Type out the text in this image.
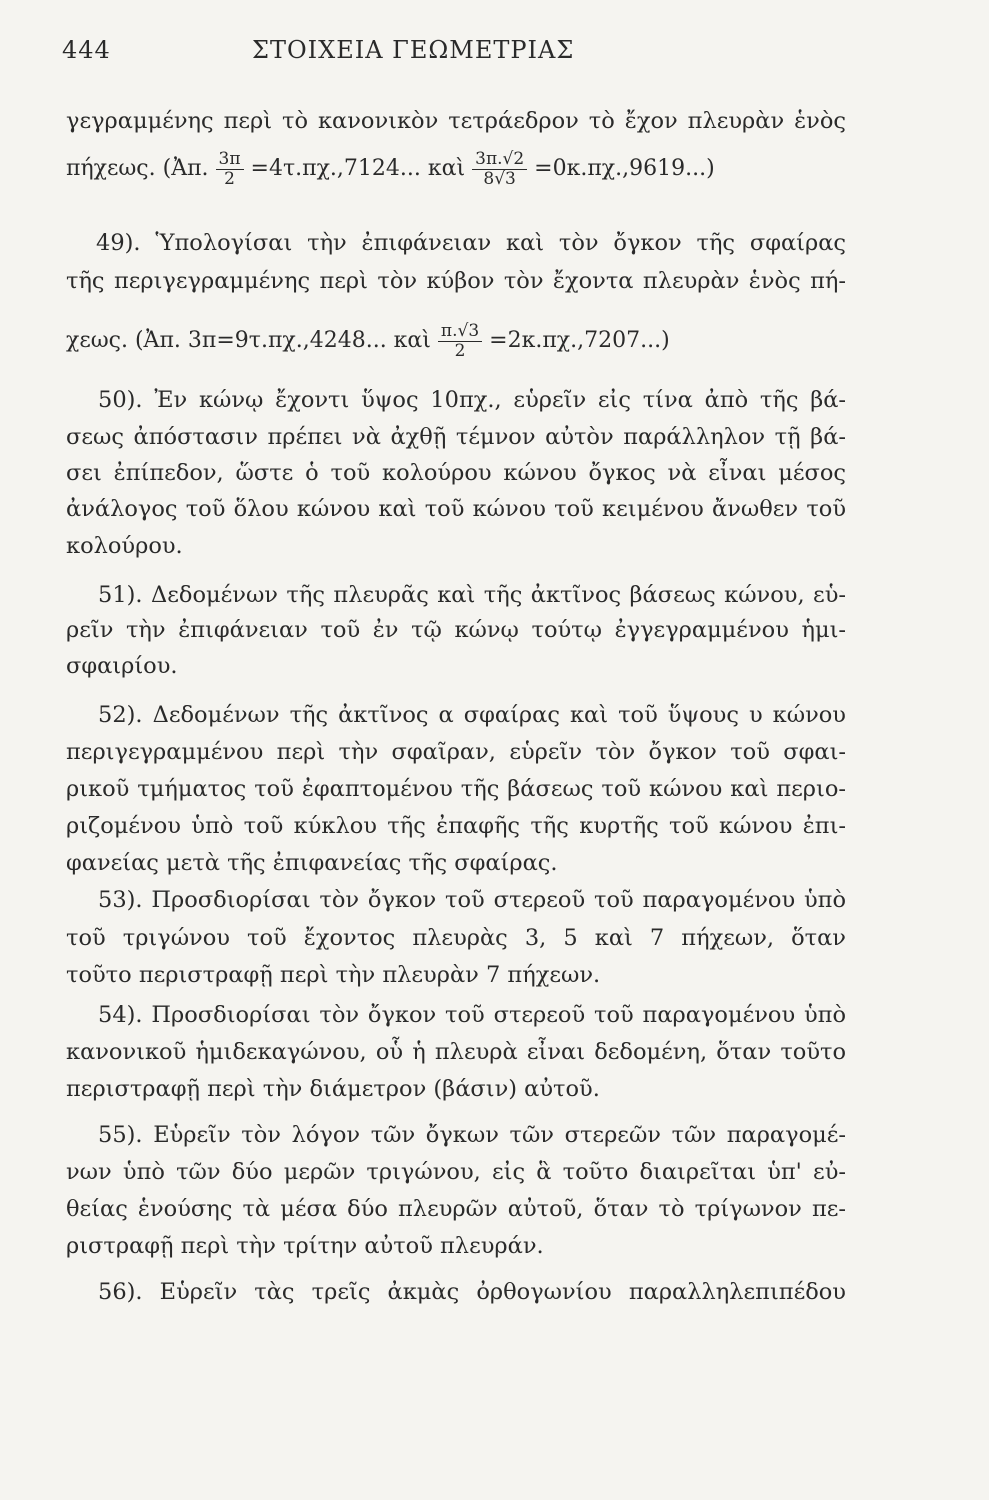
444	ΣΤΟΙΧΕΙΑ ΓΕΩΜΕΤΡΙΑΣ
γεγραμμένης περὶ τὸ κανονικὸν τετράεδρον τὸ ἔχον πλευρὰν ἑνὸς
πήχεως. (Ἀπ. $\frac{3\pi}{2} =4\tau.\pi\chi.,7124$... καὶ $\frac{3\pi.√2}{8√3} =0\kappa.\pi\chi.,9619$...)
49). Ὑπολογίσαι τὴν ἐπιφάνειαν καὶ τὸν ὄγκον τῆς σφαίρας
τῆς περιγεγραμμένης περὶ τὸν κύβον τὸν ἔχοντα πλευρὰν ἑνὸς πή-
χεως. (Ἀπ. 3π=9τ.πχ.,4248... καὶ $\frac{\pi.√3}{2} =2\kappa.\pi\chi.,7207$...)
50). Ἐν κώνῳ ἔχοντι ὕψος 10πχ., εὑρεῖν εἰς τίνα ἀπὸ τῆς βά-
σεως ἀπόστασιν πρέπει νὰ ἀχθῇ τέμνον αὐτὸν παράλληλον τῇ βά-
σει ἐπίπεδον, ὥστε ὁ τοῦ κολούρου κώνου ὄγκος νὰ εἶναι μέσος
ἀνάλογος τοῦ ὅλου κώνου καὶ τοῦ κώνου τοῦ κειμένου ἄνωθεν τοῦ
κολούρου.
51). Δεδομένων τῆς πλευρᾶς καὶ τῆς ἀκτῖνος βάσεως κώνου, εὑ-
ρεῖν τὴν ἐπιφάνειαν τοῦ ἐν τῷ κώνῳ τούτῳ ἐγγεγραμμένου ἡμι-
σφαιρίου.
52). Δεδομένων τῆς ἀκτῖνος α σφαίρας καὶ τοῦ ὕψους υ κώνου
περιγεγραμμένου περὶ τὴν σφαῖραν, εὑρεῖν τὸν ὄγκον τοῦ σφαι-
ρικοῦ τμήματος τοῦ ἐφαπτομένου τῆς βάσεως τοῦ κώνου καὶ περιο-
ριζομένου ὑπὸ τοῦ κύκλου τῆς ἐπαφῆς τῆς κυρτῆς τοῦ κώνου ἐπι-
φανείας μετὰ τῆς ἐπιφανείας τῆς σφαίρας.
53). Προσδιορίσαι τὸν ὄγκον τοῦ στερεοῦ τοῦ παραγομένου ὑπὸ
τοῦ τριγώνου τοῦ ἔχοντος πλευρὰς 3, 5 καὶ 7 πήχεων, ὅταν
τοῦτο περιστραφῇ περὶ τὴν πλευρὰν 7 πήχεων.
54). Προσδιορίσαι τὸν ὄγκον τοῦ στερεοῦ τοῦ παραγομένου ὑπὸ
κανονικοῦ ἡμιδεκαγώνου, οὗ ἡ πλευρὰ εἶναι δεδομένη, ὅταν τοῦτο
περιστραφῇ περὶ τὴν διάμετρον (βάσιν) αὐτοῦ.
55). Εὑρεῖν τὸν λόγον τῶν ὄγκων τῶν στερεῶν τῶν παραγομέ-
νων ὑπὸ τῶν δύο μερῶν τριγώνου, εἰς ἃ τοῦτο διαιρεῖται ὑπ' εὐ-
θείας ἑνούσης τὰ μέσα δύο πλευρῶν αὐτοῦ, ὅταν τὸ τρίγωνον πε-
ριστραφῇ περὶ τὴν τρίτην αὐτοῦ πλευράν.
56). Εὑρεῖν τὰς τρεῖς ἀκμὰς ὀρθογωνίου παραλληλεπιπέδου
